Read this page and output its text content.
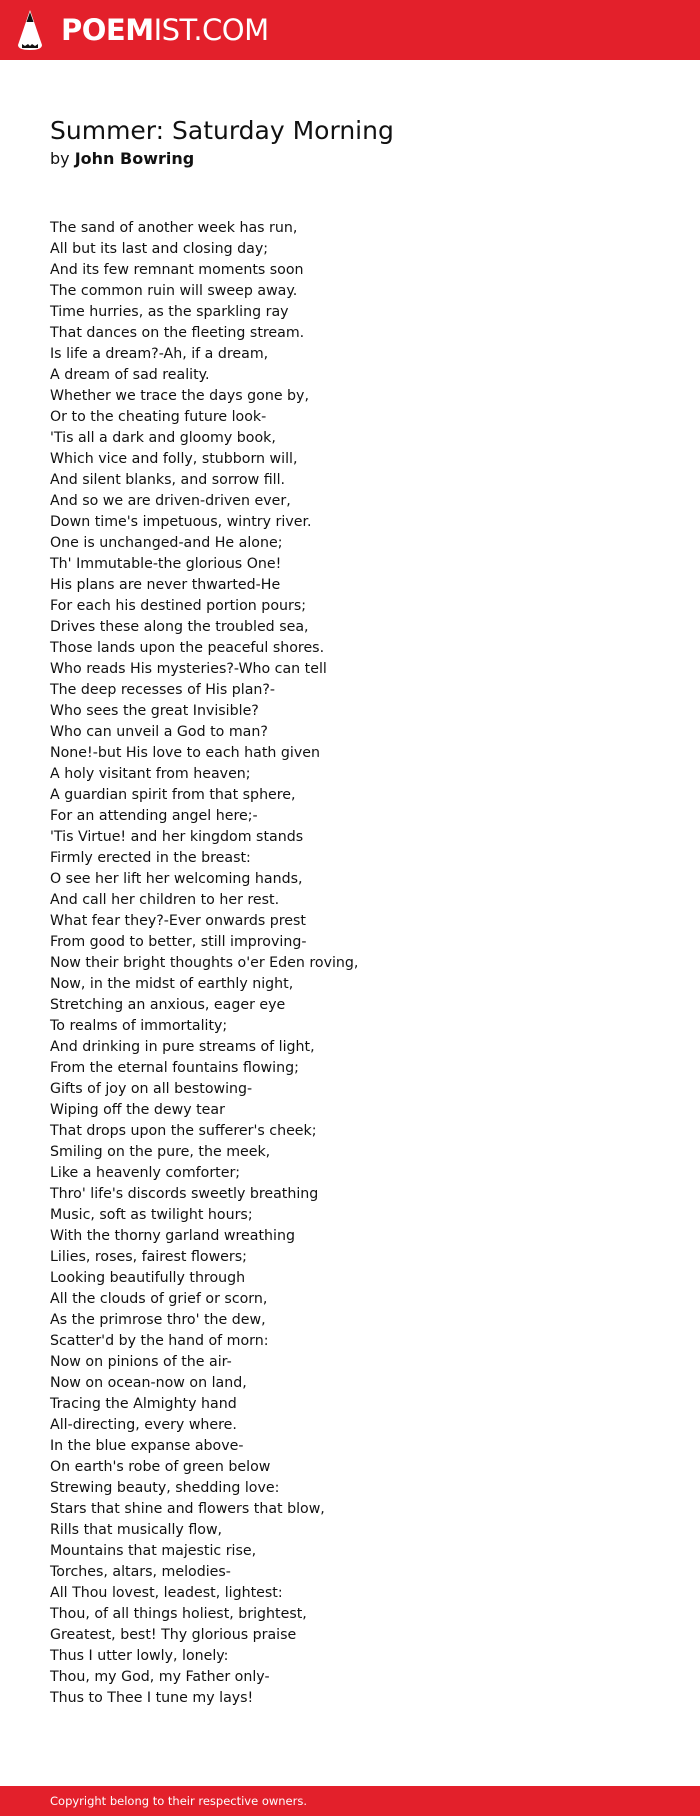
POEMIST.COM
Summer: Saturday Morning
by John Bowring
The sand of another week has run,
All but its last and closing day;
And its few remnant moments soon
The common ruin will sweep away.
Time hurries, as the sparkling ray
That dances on the fleeting stream.
Is life a dream?-Ah, if a dream,
A dream of sad reality.
Whether we trace the days gone by,
Or to the cheating future look-
'Tis all a dark and gloomy book,
Which vice and folly, stubborn will,
And silent blanks, and sorrow fill.
And so we are driven-driven ever,
Down time's impetuous, wintry river.
One is unchanged-and He alone;
Th' Immutable-the glorious One!
His plans are never thwarted-He
For each his destined portion pours;
Drives these along the troubled sea,
Those lands upon the peaceful shores.
Who reads His mysteries?-Who can tell
The deep recesses of His plan?-
Who sees the great Invisible?
Who can unveil a God to man?
None!-but His love to each hath given
A holy visitant from heaven;
A guardian spirit from that sphere,
For an attending angel here;-
'Tis Virtue! and her kingdom stands
Firmly erected in the breast:
O see her lift her welcoming hands,
And call her children to her rest.
What fear they?-Ever onwards prest
From good to better, still improving-
Now their bright thoughts o'er Eden roving,
Now, in the midst of earthly night,
Stretching an anxious, eager eye
To realms of immortality;
And drinking in pure streams of light,
From the eternal fountains flowing;
Gifts of joy on all bestowing-
Wiping off the dewy tear
That drops upon the sufferer's cheek;
Smiling on the pure, the meek,
Like a heavenly comforter;
Thro' life's discords sweetly breathing
Music, soft as twilight hours;
With the thorny garland wreathing
Lilies, roses, fairest flowers;
Looking beautifully through
All the clouds of grief or scorn,
As the primrose thro' the dew,
Scatter'd by the hand of morn:
Now on pinions of the air-
Now on ocean-now on land,
Tracing the Almighty hand
All-directing, every where.
In the blue expanse above-
On earth's robe of green below
Strewing beauty, shedding love:
Stars that shine and flowers that blow,
Rills that musically flow,
Mountains that majestic rise,
Torches, altars, melodies-
All Thou lovest, leadest, lightest:
Thou, of all things holiest, brightest,
Greatest, best! Thy glorious praise
Thus I utter lowly, lonely:
Thou, my God, my Father only-
Thus to Thee I tune my lays!
Copyright belong to their respective owners.
